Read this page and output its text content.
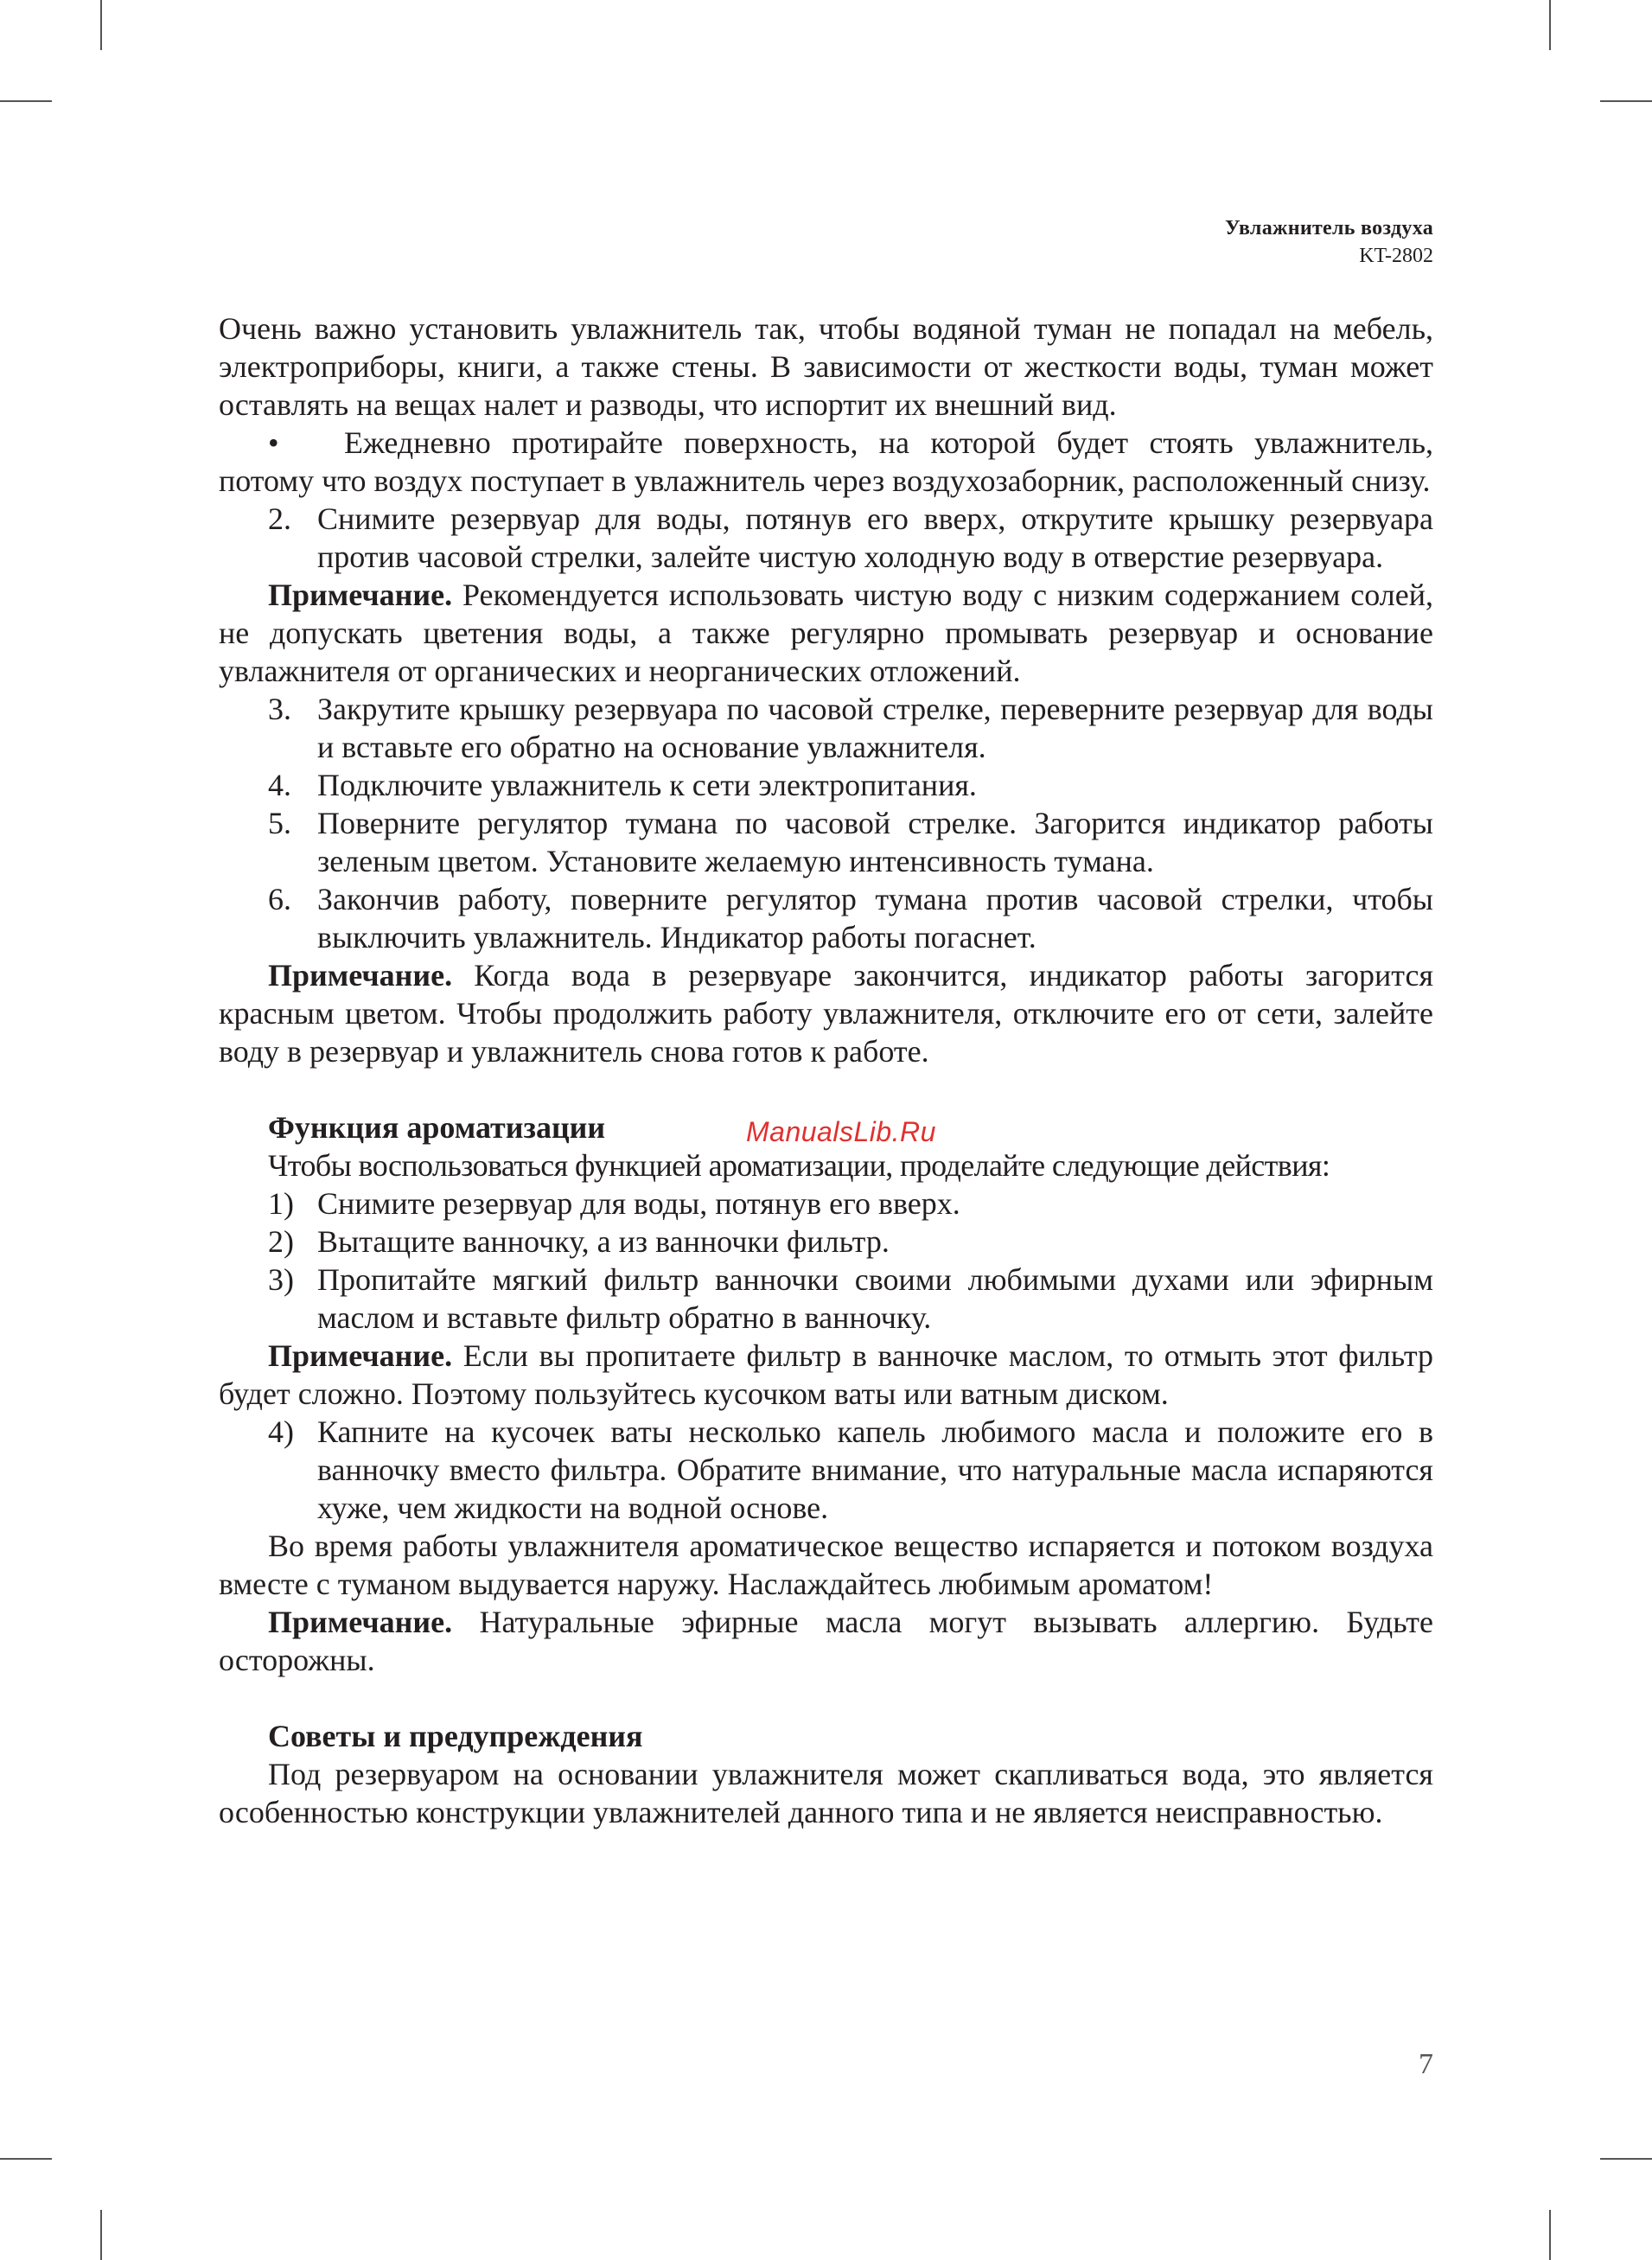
Увлажнитель воздуха
KT-2802

Очень важно установить увлажнитель так, чтобы водяной туман не попадал на мебель, электроприборы, книги, а также стены. В зависимости от жесткости воды, туман может оставлять на вещах налет и разводы, что испортит их внешний вид.

• Ежедневно протирайте поверхность, на которой будет стоять увлажнитель, потому что воздух поступает в увлажнитель через воздухозаборник, расположенный снизу.

2. Снимите резервуар для воды, потянув его вверх, открутите крышку резервуара против часовой стрелки, залейте чистую холодную воду в отверстие резервуара.

Примечание. Рекомендуется использовать чистую воду с низким содержанием солей, не допускать цветения воды, а также регулярно промывать резервуар и основание увлажнителя от органических и неорганических отложений.

3. Закрутите крышку резервуара по часовой стрелке, переверните резервуар для воды и вставьте его обратно на основание увлажнителя.
4. Подключите увлажнитель к сети электропитания.
5. Поверните регулятор тумана по часовой стрелке. Загорится индикатор работы зеленым цветом. Установите желаемую интенсивность тумана.
6. Закончив работу, поверните регулятор тумана против часовой стрелки, чтобы выключить увлажнитель. Индикатор работы погаснет.

Примечание. Когда вода в резервуаре закончится, индикатор работы загорится красным цветом. Чтобы продолжить работу увлажнителя, отключите его от сети, залейте воду в резервуар и увлажнитель снова готов к работе.

Функция ароматизации

Чтобы воспользоваться функцией ароматизации, проделайте следующие действия:

1) Снимите резервуар для воды, потянув его вверх.
2) Вытащите ванночку, а из ванночки фильтр.
3) Пропитайте мягкий фильтр ванночки своими любимыми духами или эфирным маслом и вставьте фильтр обратно в ванночку.

Примечание. Если вы пропитаете фильтр в ванночке маслом, то отмыть этот фильтр будет сложно. Поэтому пользуйтесь кусочком ваты или ватным диском.

4) Капните на кусочек ваты несколько капель любимого масла и положите его в ванночку вместо фильтра. Обратите внимание, что натуральные масла испаряются хуже, чем жидкости на водной основе.

Во время работы увлажнителя ароматическое вещество испаряется и потоком воздуха вместе с туманом выдувается наружу. Наслаждайтесь любимым ароматом!

Примечание. Натуральные эфирные масла могут вызывать аллергию. Будьте осторожны.

Советы и предупреждения

Под резервуаром на основании увлажнителя может скапливаться вода, это является особенностью конструкции увлажнителей данного типа и не является неисправностью.

ManualsLib.Ru
7
